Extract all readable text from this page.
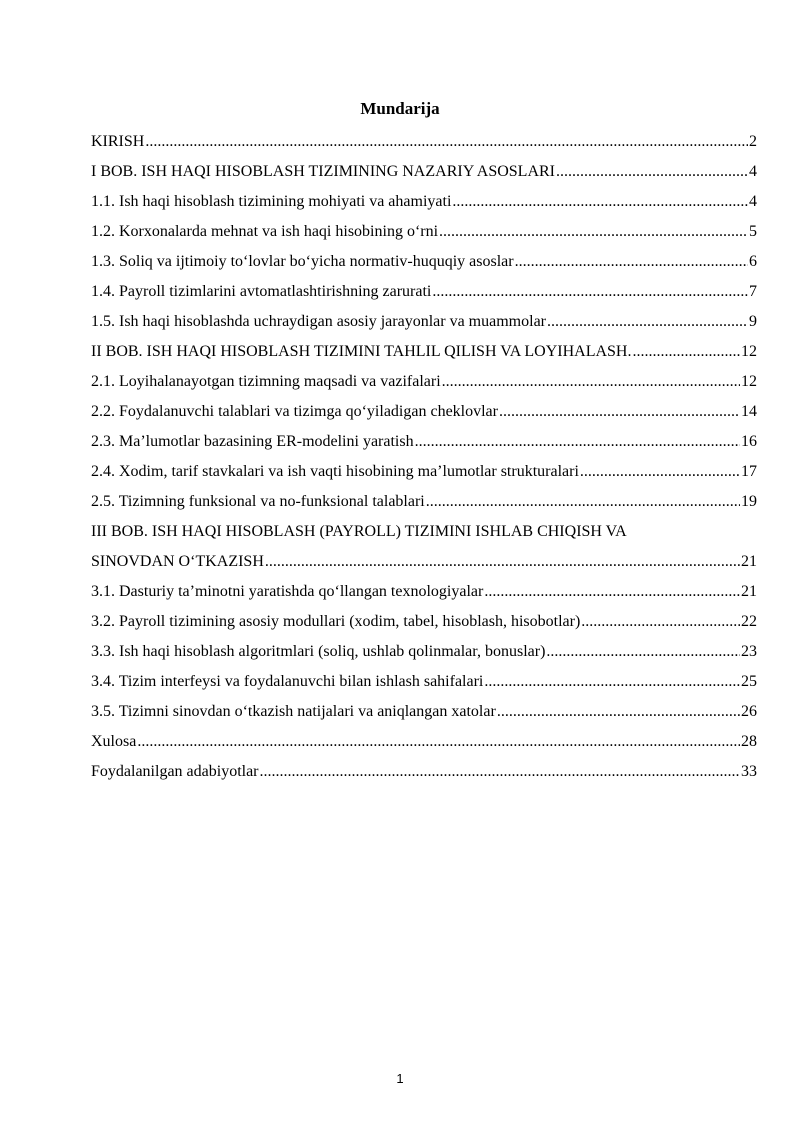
Mundarija
KIRISH .....	2
I BOB. ISH HAQI HISOBLASH TIZIMINING NAZARIY ASOSLARI .....	4
1.1. Ish haqi hisoblash tizimining mohiyati va ahamiyati .....	4
1.2. Korxonalarda mehnat va ish haqi hisobining o‘rni .....	5
1.3. Soliq va ijtimoiy to‘lovlar bo‘yicha normativ-huquqiy asoslar .....	6
1.4. Payroll tizimlarini avtomatlashtirishning zarurati .....	7
1.5. Ish haqi hisoblashda uchraydigan asosiy jarayonlar va muammolar .....	9
II BOB. ISH HAQI HISOBLASH TIZIMINI TAHLIL QILISH VA LOYIHALASH. .....	12
2.1. Loyihalanayotgan tizimning maqsadi va vazifalari .....	12
2.2. Foydalanuvchi talablari va tizimga qo‘yiladigan cheklovlar .....	14
2.3. Ma’lumotlar bazasining ER-modelini yaratish .....	16
2.4. Xodim, tarif stavkalari va ish vaqti hisobining ma’lumotlar strukturalari .....	17
2.5. Tizimning funksional va no-funksional talablari .....	19
III BOB. ISH HAQI HISOBLASH (PAYROLL) TIZIMINI ISHLAB CHIQISH VA
SINOVDAN O‘TKAZISH .....	21
3.1. Dasturiy ta’minotni yaratishda qo‘llangan texnologiyalar .....	21
3.2. Payroll tizimining asosiy modullari (xodim, tabel, hisoblash, hisobotlar) .....	22
3.3. Ish haqi hisoblash algoritmlari (soliq, ushlab qolinmalar, bonuslar) .....	23
3.4. Tizim interfeysi va foydalanuvchi bilan ishlash sahifalari .....	25
3.5. Tizimni sinovdan o‘tkazish natijalari va aniqlangan xatolar .....	26
Xulosa .....	28
Foydalanilgan adabiyotlar .....	33
1
